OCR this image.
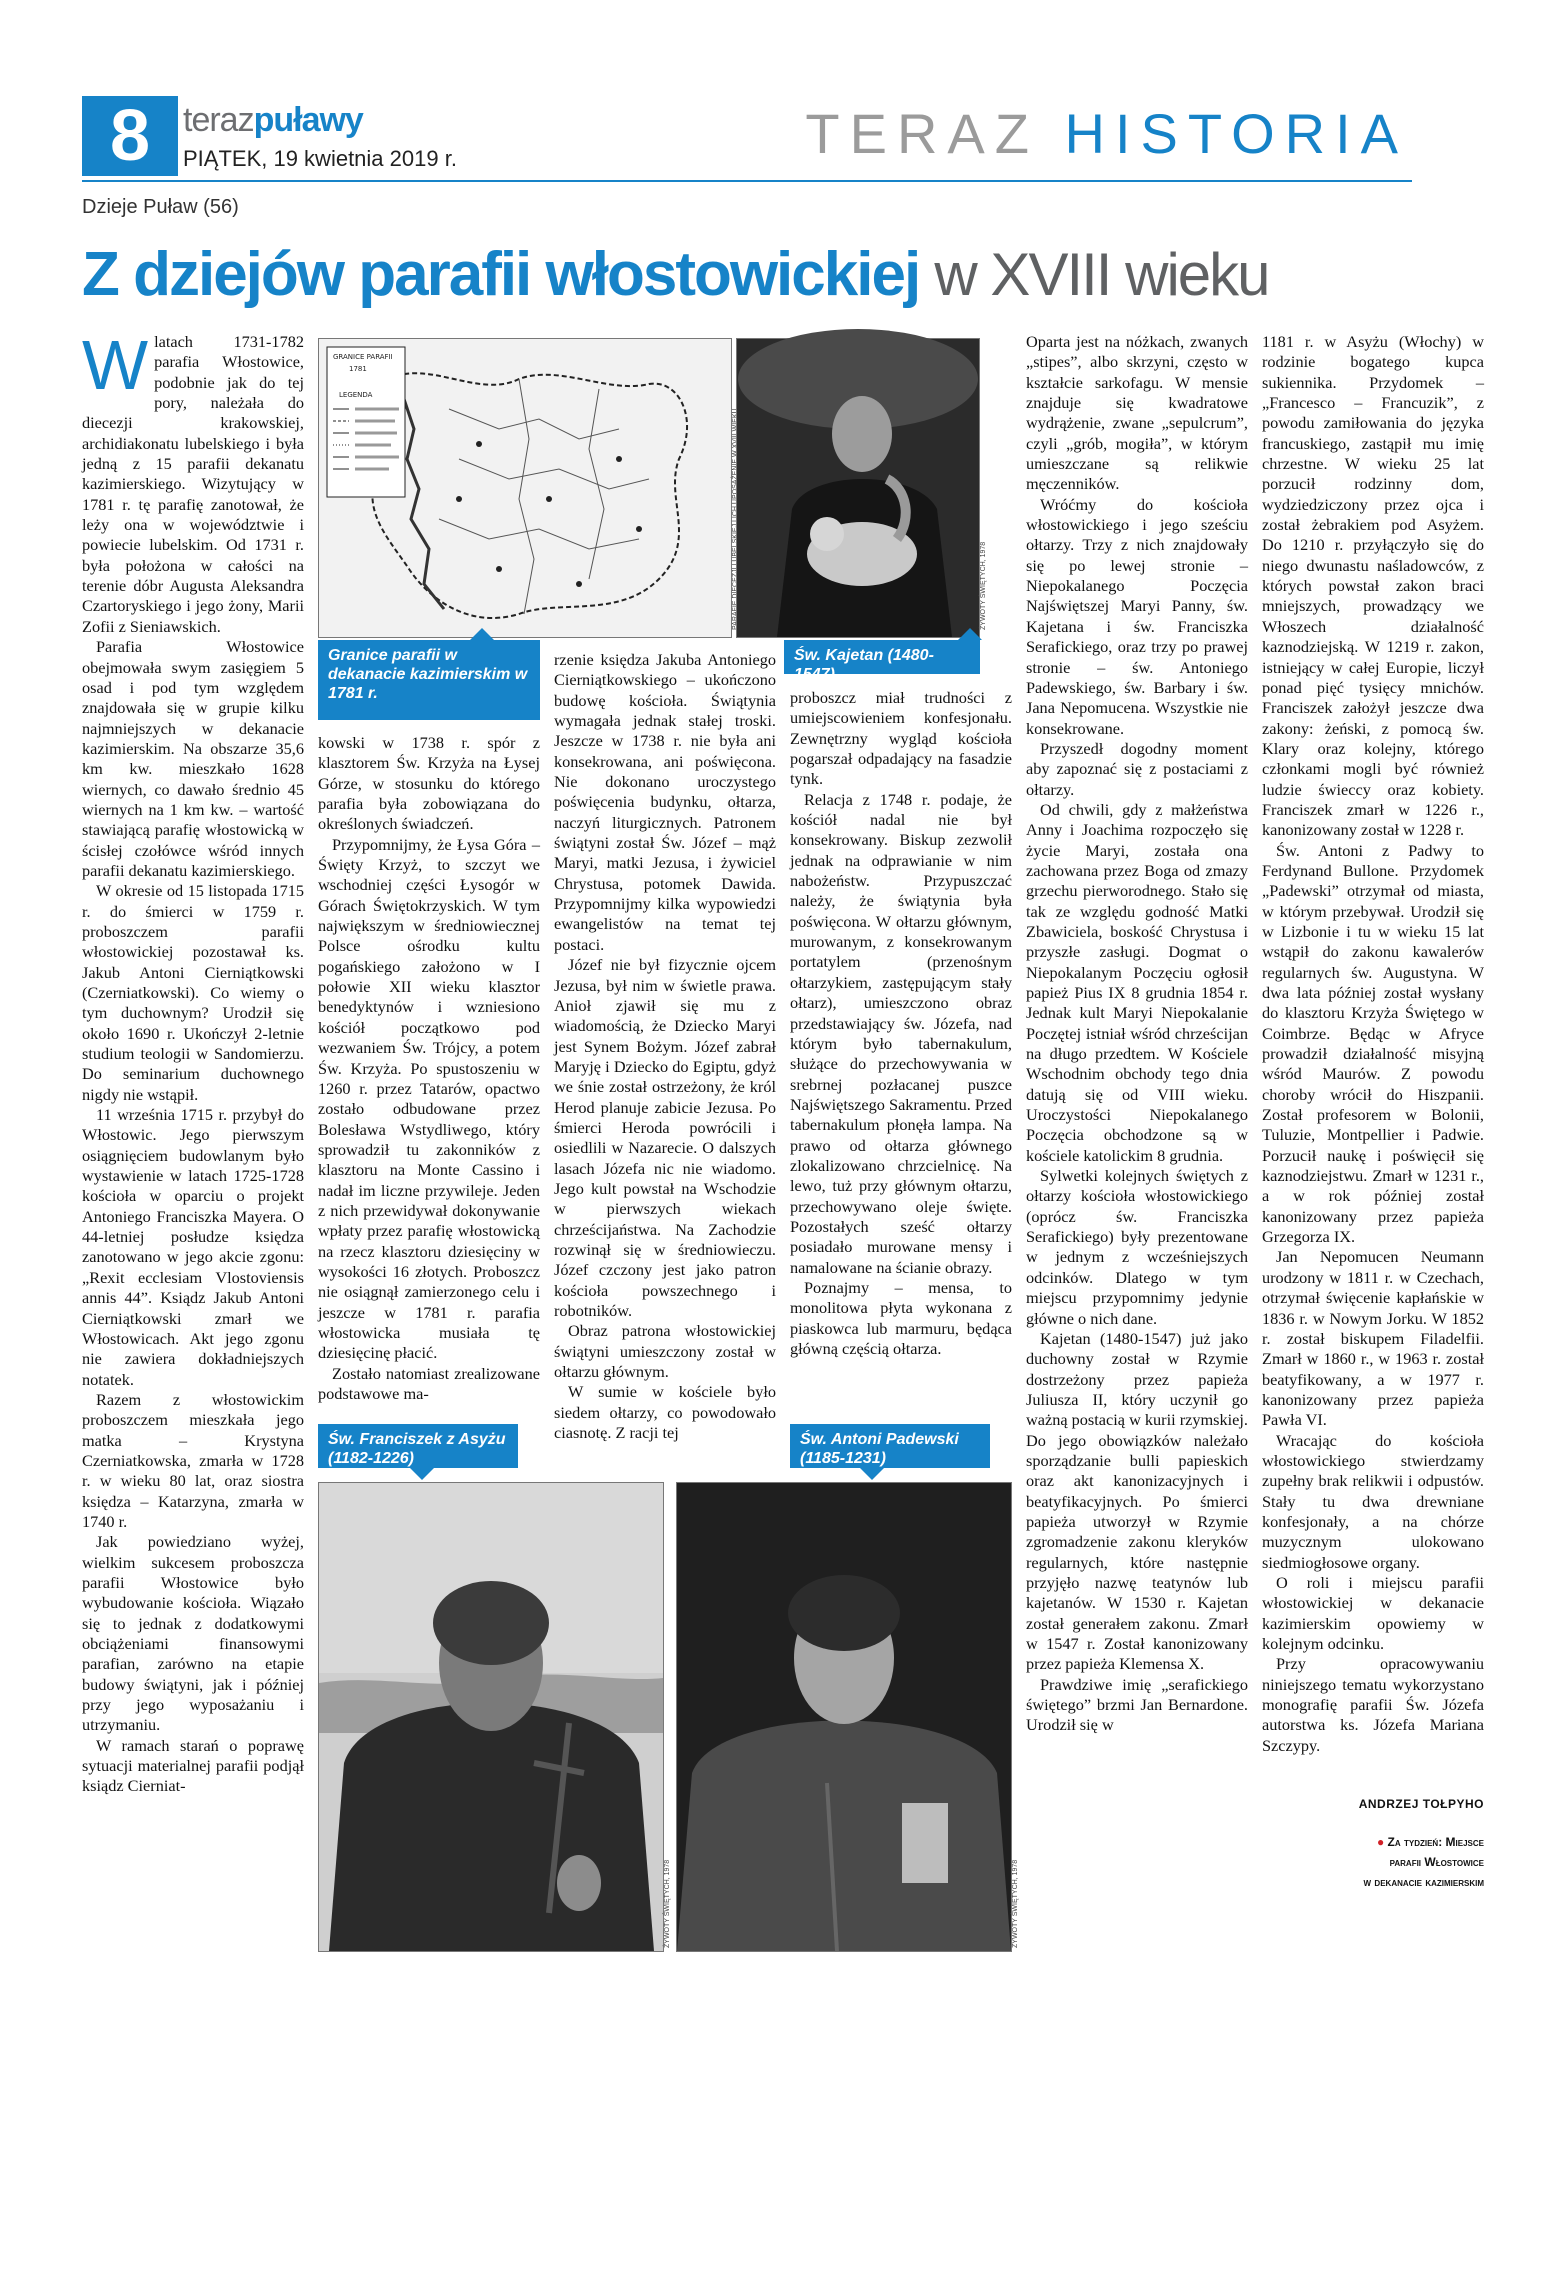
8 terazpuławy
PIĄTEK, 19 kwietnia 2019 r.	TERAZ HISTORIA
Dzieje Puław (56)
Z dziejów parafii włostowickiej w XVIII wieku
W latach 1731-1782 parafia Włostowice, podobnie jak do tej pory, należała do diecezji krakowskiej, archidiakonatu lubelskiego i była jedną z 15 parafii dekanatu kazimierskiego. Wizytujący w 1781 r. tę parafię zanotował, że leży ona w województwie i powiecie lubelskim. Od 1731 r. była położona w całości na terenie dóbr Augusta Aleksandra Czartoryskiego i jego żony, Marii Zofii z Sieniawskich.

Parafia Włostowice obejmowała swym zasięgiem 5 osad i pod tym względem znajdowała się w grupie kilku najmniejszych w dekanacie kazimierskim. Na obszarze 35,6 km kw. mieszkało 1628 wiernych, co dawało średnio 45 wiernych na 1 km kw. – wartość stawiającą parafię włostowicką w ścisłej czołówce wśród innych parafii dekanatu kazimierskiego.

W okresie od 15 listopada 1715 r. do śmierci w 1759 r. proboszczem parafii włostowickiej pozostawał ks. Jakub Antoni Cierniątkowski (Czerniatkowski). Co wiemy o tym duchownym? Urodził się około 1690 r. Ukończył 2-letnie studium teologii w Sandomierzu. Do seminarium duchownego nigdy nie wstąpił.

11 września 1715 r. przybył do Włostowic. Jego pierwszym osiągnięciem budowlanym było wystawienie w latach 1725-1728 kościoła w oparciu o projekt Antoniego Franciszka Mayera. O 44-letniej posłudze księdza zanotowano w jego akcie zgonu: „Rexit ecclesiam Vlostoviensis annis 44”. Ksiądz Jakub Antoni Cierniątkowski zmarł we Włostowicach. Akt jego zgonu nie zawiera dokładniejszych notatek.

Razem z włostowickim proboszczem mieszkała jego matka – Krystyna Czerniatkowska, zmarła w 1728 r. w wieku 80 lat, oraz siostra księdza – Katarzyna, zmarła w 1740 r.

Jak powiedziano wyżej, wielkim sukcesem proboszcza parafii Włostowice było wybudowanie kościoła. Wiązało się to jednak z dodatkowymi obciążeniami finansowymi parafian, zarówno na etapie budowy świątyni, jak i później przy jego wyposażaniu i utrzymaniu.

W ramach starań o poprawę sytuacji materialnej parafii podjął ksiądz Cierniat-

GRANICE PARAFII
1781
LEGENDA
ŻYWOTY ŚWIĘTYCH, 1978
Granice parafii w dekanacie kazimierskim w 1781 r.
Św. Kajetan (1480-1547)

kowski w 1738 r. spór z klasztorem Św. Krzyża na Łysej Górze, w stosunku do którego parafia była zobowiązana do określonych świadczeń.

Przypomnijmy, że Łysa Góra – Święty Krzyż, to szczyt we wschodniej części Łysogór w Górach Świętokrzyskich. W tym największym w średniowiecznej Polsce ośrodku kultu pogańskiego założono w I połowie XII wieku klasztor benedyktynów i wzniesiono kościół początkowo pod wezwaniem Św. Trójcy, a potem Św. Krzyża. Po spustoszeniu w 1260 r. przez Tatarów, opactwo zostało odbudowane przez Bolesława Wstydliwego, który sprowadził tu zakonników z klasztoru na Monte Cassino i nadał im liczne przywileje. Jeden z nich przewidywał dokonywanie wpłaty przez parafię włostowicką na rzecz klasztoru dziesięciny w wysokości 16 złotych. Proboszcz nie osiągnął zamierzonego celu i jeszcze w 1781 r. parafia włostowicka musiała tę dziesięcinę płacić.

Zostało natomiast zrealizowane podstawowe ma-

rzenie księdza Jakuba Antoniego Cierniątkowskiego – ukończono budowę kościoła. Świątynia wymagała jednak stałej troski. Jeszcze w 1738 r. nie była ani konsekrowana, ani poświęcona. Nie dokonano uroczystego poświęcenia budynku, ołtarza, naczyń liturgicznych. Patronem świątyni został Św. Józef – mąż Maryi, matki Jezusa, i żywiciel Chrystusa, potomek Dawida. Przypomnijmy kilka wypowiedzi ewangelistów na temat tej postaci.

Józef nie był fizycznie ojcem Jezusa, był nim w świetle prawa. Anioł zjawił się mu z wiadomością, że Dziecko Maryi jest Synem Bożym. Józef zabrał Maryję i Dziecko do Egiptu, gdyż we śnie został ostrzeżony, że król Herod planuje zabicie Jezusa. Po śmierci Heroda powrócili i osiedlili w Nazarecie. O dalszych lasach Józefa nic nie wiadomo. Jego kult powstał na Wschodzie w pierwszych wiekach chrześcijaństwa. Na Zachodzie rozwinął się w średniowieczu. Józef czczony jest jako patron kościoła powszechnego i robotników.

Obraz patrona włostowickiej świątyni umieszczony został w ołtarzu głównym.

W sumie w kościele było siedem ołtarzy, co powodowało ciasnotę. Z racji tej

proboszcz miał trudności z umiejscowieniem konfesjonału. Zewnętrzny wygląd kościoła pogarszał odpadający na fasadzie tynk.

Relacja z 1748 r. podaje, że kościół nadal nie był konsekrowany. Biskup zezwolił jednak na odprawianie w nim nabożeństw. Przypuszczać należy, że świątynia była poświęcona. W ołtarzu głównym, murowanym, z konsekrowanym portatylem (przenośnym ołtarzykiem, zastępującym stały ołtarz), umieszczono obraz przedstawiający św. Józefa, nad którym było tabernakulum, służące do przechowywania w srebrnej pozłacanej puszce Najświętszego Sakramentu. Przed tabernakulum płonęła lampa. Na prawo od ołtarza głównego zlokalizowano chrzcielnicę. Na lewo, tuż przy głównym ołtarzu, przechowywano oleje święte. Pozostałych sześć ołtarzy posiadało murowane mensy i namalowane na ścianie obrazy.

Poznajmy – mensa, to monolitowa płyta wykonana z piaskowca lub marmuru, będąca główną częścią ołtarza.

Św. Franciszek z Asyżu
(1182-1226)
ŻYWOTY ŚWIĘTYCH, 1978
Św. Antoni Padewski
(1185-1231)
ŻYWOTY ŚWIĘTYCH, 1978

Oparta jest na nóżkach, zwanych „stipes”, albo skrzyni, często w kształcie sarkofagu. W mensie znajduje się kwadratowe wydrążenie, zwane „sepulcrum”, czyli „grób, mogiła”, w którym umieszczane są relikwie męczenników.

Wróćmy do kościoła włostowickiego i jego sześciu ołtarzy. Trzy z nich znajdowały się po lewej stronie – Niepokalanego Poczęcia Najświętszej Maryi Panny, św. Kajetana i św. Franciszka Serafickiego, oraz trzy po prawej stronie – św. Antoniego Padewskiego, św. Barbary i św. Jana Nepomucena. Wszystkie nie konsekrowane.

Przyszedł dogodny moment aby zapoznać się z postaciami z ołtarzy.

Od chwili, gdy z małżeństwa Anny i Joachima rozpoczęło się życie Maryi, została ona zachowana przez Boga od zmazy grzechu pierworodnego. Stało się tak ze względu godność Matki Zbawiciela, boskość Chrystusa i przyszłe zasługi. Dogmat o Niepokalanym Poczęciu ogłosił papież Pius IX 8 grudnia 1854 r. Jednak kult Maryi Niepokalanie Poczętej istniał wśród chrześcijan na długo przedtem. W Kościele Wschodnim obchody tego dnia datują się od VIII wieku. Uroczystości Niepokalanego Poczęcia obchodzone są w kościele katolickim 8 grudnia.

Sylwetki kolejnych świętych z ołtarzy kościoła włostowickiego (oprócz św. Franciszka Serafickiego) były prezentowane w jednym z wcześniejszych odcinków. Dlatego w tym miejscu przypomnimy jedynie główne o nich dane.

Kajetan (1480-1547) już jako duchowny został w Rzymie dostrzeżony przez papieża Juliusza II, który uczynił go ważną postacią w kurii rzymskiej. Do jego obowiązków należało sporządzanie bulli papieskich oraz akt kanonizacyjnych i beatyfikacyjnych. Po śmierci papieża utworzył w Rzymie zgromadzenie zakonu kleryków regularnych, które następnie przyjęło nazwę teatynów lub kajetanów. W 1530 r. Kajetan został generałem zakonu. Zmarł w 1547 r. Został kanonizowany przez papieża Klemensa X.

Prawdziwe imię „serafickiego świętego” brzmi Jan Bernardone. Urodził się w

1181 r. w Asyżu (Włochy) w rodzinie bogatego kupca sukiennika. Przydomek – „Francesco – Francuzik”, z powodu zamiłowania do języka francuskiego, zastąpił mu imię chrzestne. W wieku 25 lat porzucił rodzinny dom, wydziedziczony przez ojca i został żebrakiem pod Asyżem. Do 1210 r. przyłączyło się do niego dwunastu naśladowców, z których powstał zakon braci mniejszych, prowadzący we Włoszech działalność kaznodziejską. W 1219 r. zakon, istniejący w całej Europie, liczył ponad pięć tysięcy mnichów. Franciszek założył jeszcze dwa zakony: żeński, z pomocą św. Klary oraz kolejny, którego członkami mogli być również ludzie świeccy oraz kobiety. Franciszek zmarł w 1226 r., kanonizowany został w 1228 r.

Św. Antoni z Padwy to Ferdynand Bullone. Przydomek „Padewski” otrzymał od miasta, w którym przebywał. Urodził się w Lizbonie i tu w wieku 15 lat wstąpił do zakonu kawalerów regularnych św. Augustyna. W dwa lata później został wysłany do klasztoru Krzyża Świętego w Coimbrze. Będąc w Afryce prowadził działalność misyjną wśród Maurów. Z powodu choroby wrócił do Hiszpanii. Został profesorem w Bolonii, Tuluzie, Montpellier i Padwie. Porzucił naukę i poświęcił się kaznodziejstwu. Zmarł w 1231 r., a w rok później został kanonizowany przez papieża Grzegorza IX.

Jan Nepomucen Neumann urodzony w 1811 r. w Czechach, otrzymał święcenie kapłańskie w 1836 r. w Nowym Jorku. W 1852 r. został biskupem Filadelfii. Zmarł w 1860 r., w 1963 r. został beatyfikowany, a w 1977 r. kanonizowany przez papieża Pawła VI.

Wracając do kościoła włostowickiego stwierdzamy zupełny brak relikwii i odpustów. Stały tu dwa drewniane konfesjonały, a na chórze muzycznym ulokowano siedmiogłosowe organy.

O roli i miejscu parafii włostowickiej w dekanacie kazimierskim opowiemy w kolejnym odcinku.

Przy opracowywaniu niniejszego tematu wykorzystano monografię parafii Św. Józefa autorstwa ks. Józefa Mariana Szczypy.

ANDRZEJ TOŁPYHO
● Za tydzień: Miejsce
parafii Włostowice
w dekanacie kazimierskim
